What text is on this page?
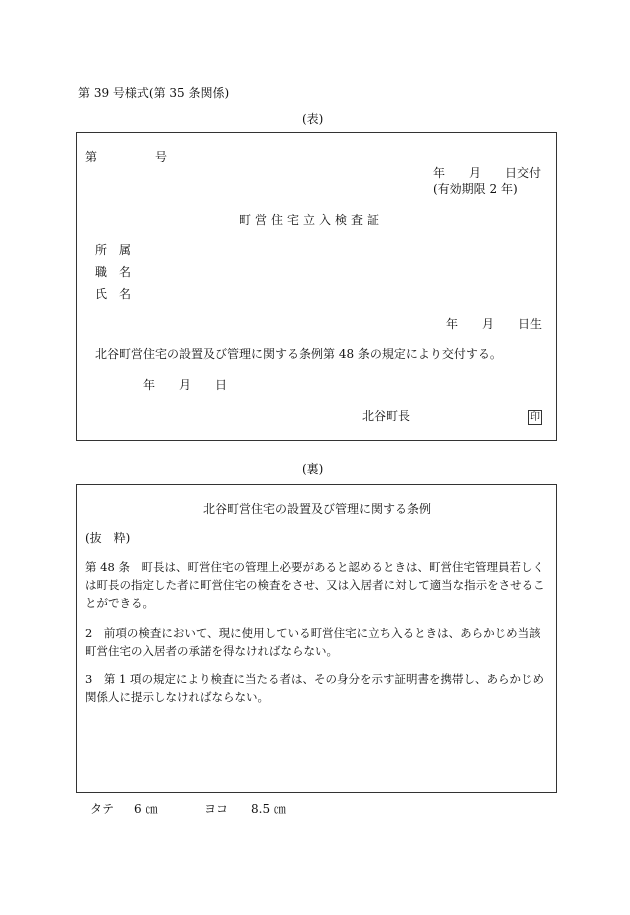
第 39 号様式(第 35 条関係)
(表)
第	号
年　　月　　日交付
(有効期限 2 年)
町営住宅立入検査証
所　属
職　名
氏　名
年　　月　　日生
北谷町営住宅の設置及び管理に関する条例第 48 条の規定により交付する。
年　　月　　日
北谷町長	印
(裏)
北谷町営住宅の設置及び管理に関する条例
(抜　粋)
第 48 条　町長は、町営住宅の管理上必要があると認めるときは、町営住宅管理員若しくは町長の指定した者に町営住宅の検査をさせ、又は入居者に対して適当な指示をさせることができる。
2　前項の検査において、現に使用している町営住宅に立ち入るときは、あらかじめ当該町営住宅の入居者の承諾を得なければならない。
3　第 1 項の規定により検査に当たる者は、その身分を示す証明書を携帯し、あらかじめ関係人に提示しなければならない。
タテ 6 ㎝	ヨコ 8.5 ㎝
